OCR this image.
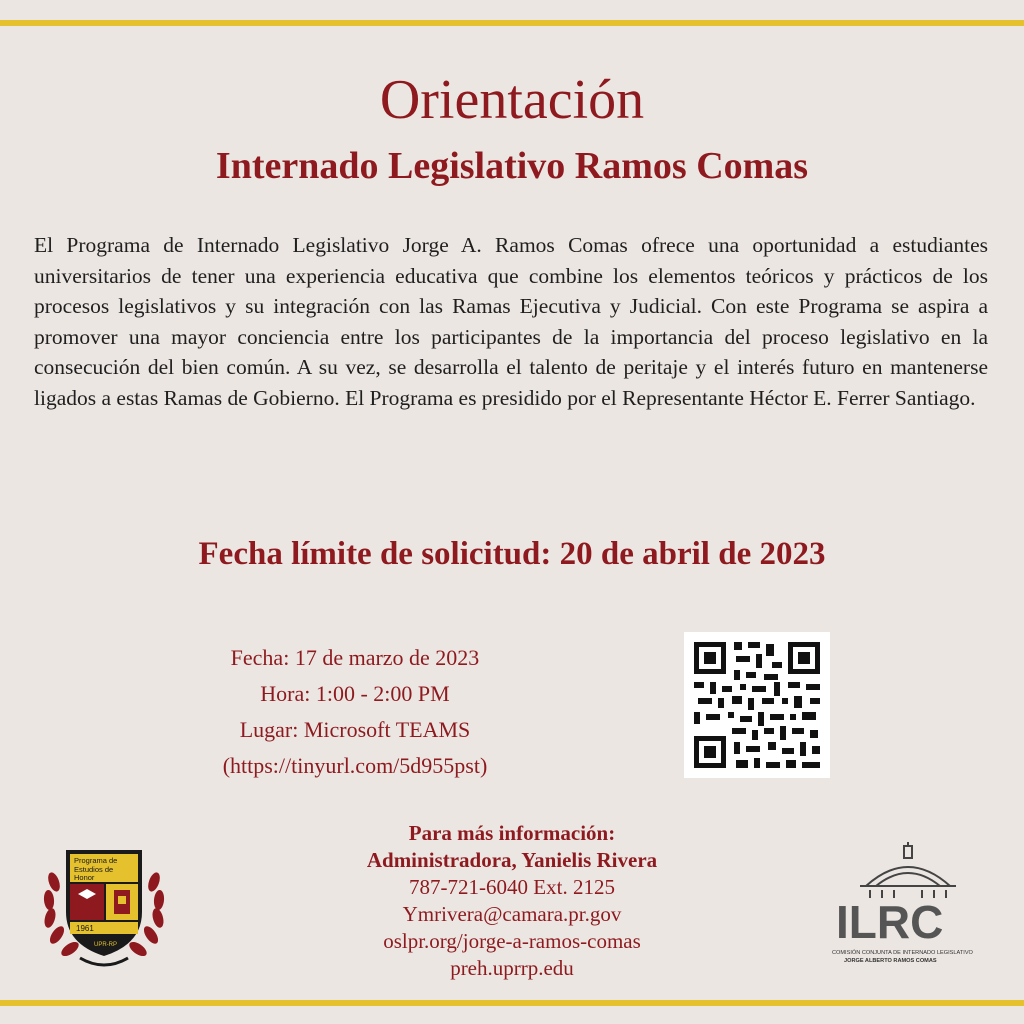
Orientación
Internado Legislativo Ramos Comas

El Programa de Internado Legislativo Jorge A. Ramos Comas ofrece una oportunidad a estudiantes universitarios de tener una experiencia educativa que combine los elementos teóricos y prácticos de los procesos legislativos y su integración con las Ramas Ejecutiva y Judicial. Con este Programa se aspira a promover una mayor conciencia entre los participantes de la importancia del proceso legislativo en la consecución del bien común. A su vez, se desarrolla el talento de peritaje y el interés futuro en mantenerse ligados a estas Ramas de Gobierno. El Programa es presidido por el Representante Héctor E. Ferrer Santiago.

Fecha límite de solicitud: 20 de abril de 2023
Fecha: 17 de marzo de 2023
Hora: 1:00 - 2:00 PM
Lugar: Microsoft TEAMS
(https://tinyurl.com/5d955pst)
Para más información:
Administradora, Yanielis Rivera
787-721-6040 Ext. 2125
Ymrivera@camara.pr.gov
oslpr.org/jorge-a-ramos-comas
preh.uprrp.edu
Programa de
Estudios de
Honor
1961
UPR-RP	ILRC
COMISIÓN CONJUNTA DE INTERNADO LEGISLATIVO
JORGE ALBERTO RAMOS COMAS
